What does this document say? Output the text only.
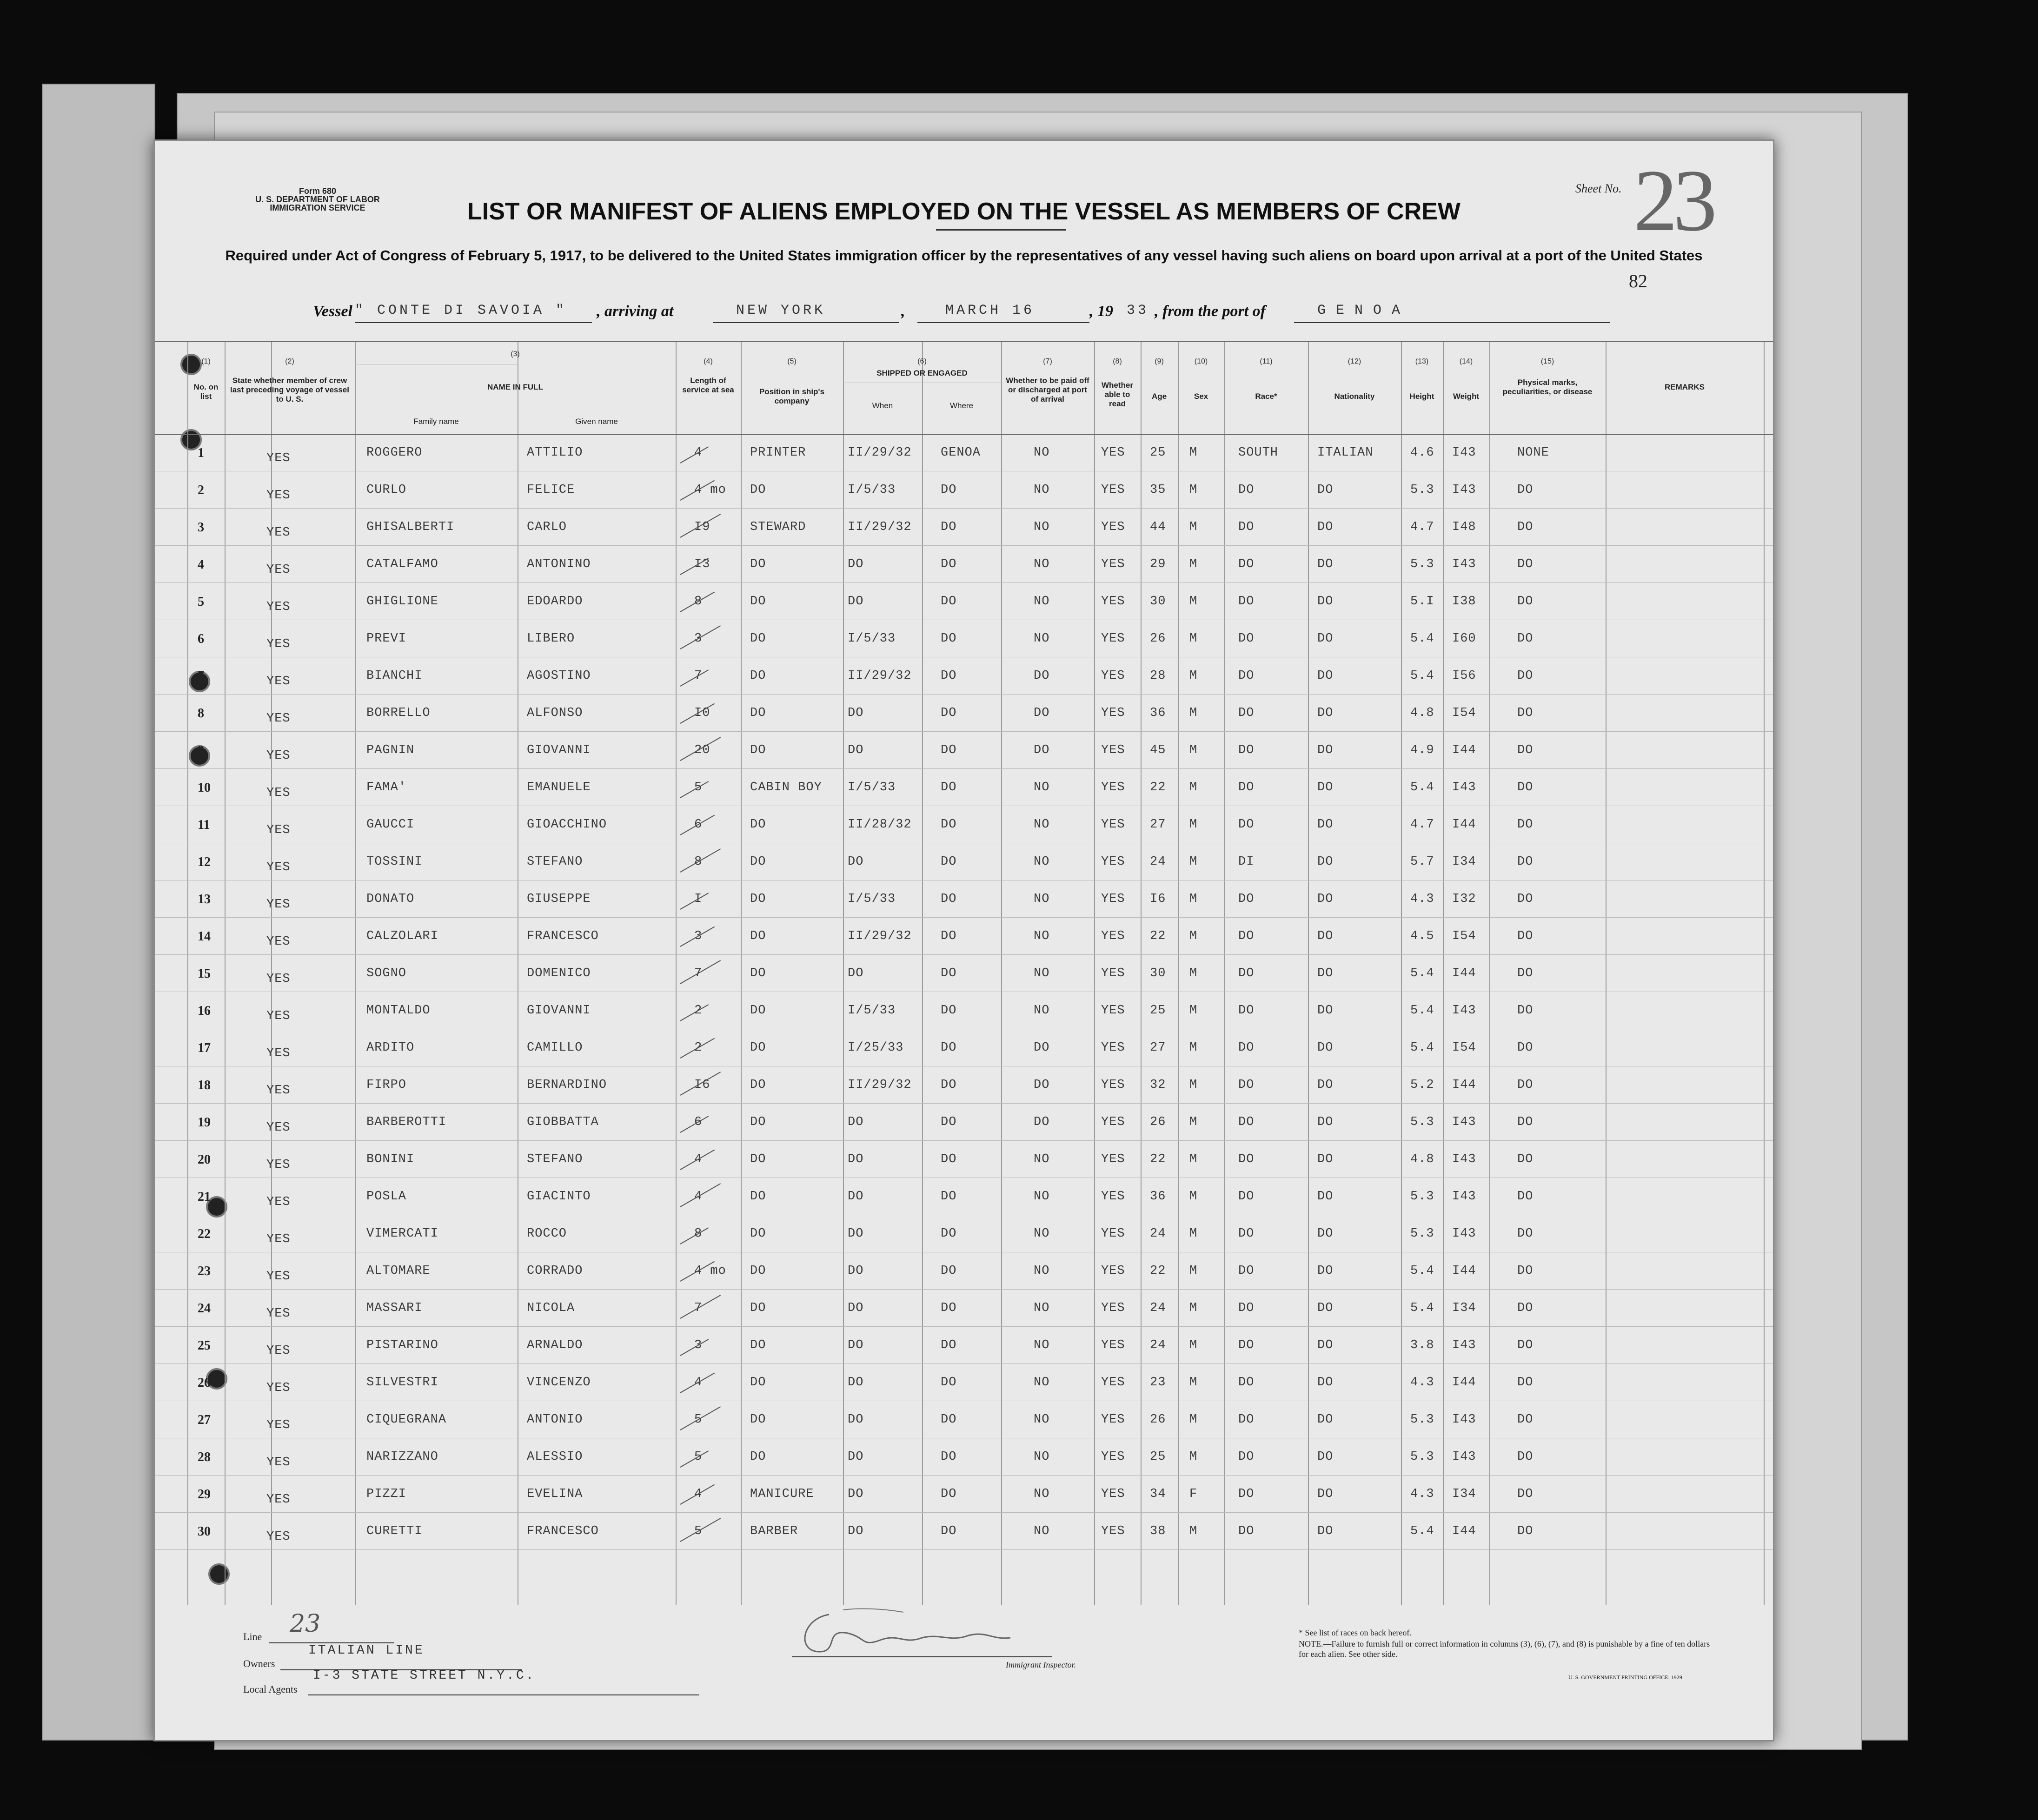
Form 680
U. S. DEPARTMENT OF LABOR
IMMIGRATION SERVICE	LIST OR MANIFEST OF ALIENS EMPLOYED ON THE VESSEL AS MEMBERS OF CREW
Required under Act of Congress of February 5, 1917, to be delivered to the United States immigration officer by the representatives of any vessel having such aliens on board upon arrival at a port of the United States
Sheet No. 23
82
Vessel " CONTE DI SAVOIA " , arriving at	NEW YORK	,	MARCH 16	, 19 33 , from the port of	GENOA
(1)	(2)
(3)
(4)	(5)	(6)	(7)	(8)	(9)	(10)	(11)	(12)	(13)	(14)	(15)
No. on list
State whether member of crew last preceding voyage of vessel to U. S.
NAME IN FULL
Family name	Given name
Length of service at sea	Position in ship's company
SHIPPED OR ENGAGED
When	Where
Whether to be paid off or discharged at port of arrival
Whether able to read
Age	Sex	Race*	Nationality	Height	Weight
Physical marks, peculiarities, or disease
REMARKS
1	YES	ROGGERO	ATTILIO	4	PRINTER	II/29/32 GENOA	NO	YES 25 M	SOUTH	ITALIAN	4.6 I43	NONE
2	YES	CURLO	FELICE	4 mo DO	I/5/33	DO	NO	YES 35 M	DO	DO	5.3 I43	DO
3	YES	GHISALBERTI	CARLO	I9	STEWARD	II/29/32 DO	NO	YES 44 M	DO	DO	4.7 I48	DO
4	YES	CATALFAMO	ANTONINO	I3	DO	DO	DO	NO	YES 29 M	DO	DO	5.3 I43	DO
5	YES	GHIGLIONE	EDOARDO	8	DO	DO	DO	NO	YES 30 M	DO	DO	5.I I38	DO
6	YES	PREVI	LIBERO	3	DO	I/5/33	DO	NO	YES 26 M	DO	DO	5.4 I60	DO
7	YES	BIANCHI	AGOSTINO	7	DO	II/29/32 DO	DO	YES 28 M	DO	DO	5.4 I56	DO
8	YES	BORRELLO	ALFONSO	I0	DO	DO	DO	DO	YES 36 M	DO	DO	4.8 I54	DO
9	YES	PAGNIN	GIOVANNI	20	DO	DO	DO	DO	YES 45 M	DO	DO	4.9 I44	DO
10	YES	FAMA'	EMANUELE	5	CABIN BOY I/5/33	DO	NO	YES 22 M	DO	DO	5.4 I43	DO
11	YES	GAUCCI	GIOACCHINO	6	DO	II/28/32 DO	NO	YES 27 M	DO	DO	4.7 I44	DO
12	YES	TOSSINI	STEFANO	8	DO	DO	DO	NO	YES 24 M	DI	DO	5.7 I34	DO
13	YES	DONATO	GIUSEPPE	I	DO	I/5/33	DO	NO	YES I6 M	DO	DO	4.3 I32	DO
14	YES	CALZOLARI	FRANCESCO	3	DO	II/29/32 DO	NO	YES 22 M	DO	DO	4.5 I54	DO
15	YES	SOGNO	DOMENICO	7	DO	DO	DO	NO	YES 30 M	DO	DO	5.4 I44	DO
16	YES	MONTALDO	GIOVANNI	2	DO	I/5/33	DO	NO	YES 25 M	DO	DO	5.4 I43	DO
17	YES	ARDITO	CAMILLO	2	DO	I/25/33	DO	DO	YES 27 M	DO	DO	5.4 I54	DO
18	YES	FIRPO	BERNARDINO	I6	DO	II/29/32 DO	DO	YES 32 M	DO	DO	5.2 I44	DO
19	YES	BARBEROTTI	GIOBBATTA	6	DO	DO	DO	DO	YES 26 M	DO	DO	5.3 I43	DO
20	YES	BONINI	STEFANO	4	DO	DO	DO	NO	YES 22 M	DO	DO	4.8 I43	DO
21	YES	POSLA	GIACINTO	4	DO	DO	DO	NO	YES 36 M	DO	DO	5.3 I43	DO
22	YES	VIMERCATI	ROCCO	8	DO	DO	DO	NO	YES 24 M	DO	DO	5.3 I43	DO
23	YES	ALTOMARE	CORRADO	4 mo DO	DO	DO	NO	YES 22 M	DO	DO	5.4 I44	DO
24	YES	MASSARI	NICOLA	7	DO	DO	DO	NO	YES 24 M	DO	DO	5.4 I34	DO
25	YES	PISTARINO	ARNALDO	3	DO	DO	DO	NO	YES 24 M	DO	DO	3.8 I43	DO
26	YES	SILVESTRI	VINCENZO	4	DO	DO	DO	NO	YES 23 M	DO	DO	4.3 I44	DO
27	YES	CIQUEGRANA	ANTONIO	5	DO	DO	DO	NO	YES 26 M	DO	DO	5.3 I43	DO
28	YES	NARIZZANO	ALESSIO	5	DO	DO	DO	NO	YES 25 M	DO	DO	5.3 I43	DO
29	YES	PIZZI	EVELINA	4	MANICURE	DO	DO	NO	YES 34 F	DO	DO	4.3 I34	DO
30	YES	CURETTI	FRANCESCO	5	BARBER	DO	DO	NO	YES 38 M	DO	DO	5.4 I44	DO
Line 23
Owners
ITALIAN LINE
Local Agents
I-3 STATE STREET N.Y.C.
Immigrant Inspector.
* See list of races on back hereof.
NOTE.—Failure to furnish full or correct information in columns (3), (6), (7), and (8) is punishable by a fine of ten dollars for each alien. See other side.
U. S. GOVERNMENT PRINTING OFFICE: 1929
